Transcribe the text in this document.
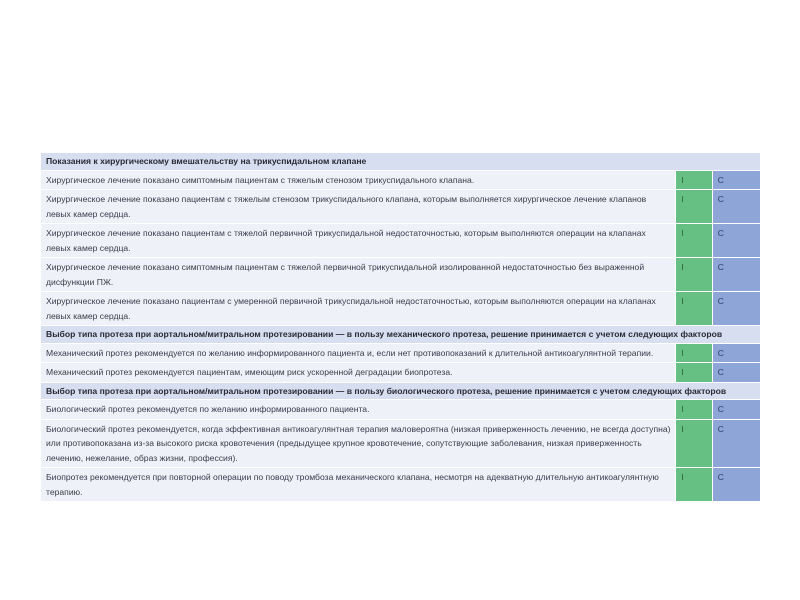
Показания к хирургическому вмешательству на трикуспидальном клапане		
Хирургическое лечение показано симптомным пациентам с тяжелым стенозом трикуспидального клапана.	I	C
Хирургическое лечение показано пациентам с тяжелым стенозом трикуспидального клапана, которым выполняется хирургическое лечение клапанов левых камер сердца.	I	C
Хирургическое лечение показано пациентам с тяжелой первичной трикуспидальной недостаточностью, которым выполняются операции на клапанах левых камер сердца.	I	C
Хирургическое лечение показано симптомным пациентам с тяжелой первичной трикуспидальной изолированной недостаточностью без выраженной дисфункции ПЖ.	I	C
Хирургическое лечение показано пациентам с умеренной первичной трикуспидальной недостаточностью, которым выполняются операции на клапанах левых камер сердца.	I	C
Выбор типа протеза при аортальном/митральном протезировании — в пользу механического протеза, решение принимается с учетом следующих факторов		
Механический протез рекомендуется по желанию информированного пациента и, если нет противопоказаний к длительной антикоагулянтной терапии.	I	C
Механический протез рекомендуется пациентам, имеющим риск ускоренной деградации биопротеза.	I	C
Выбор типа протеза при аортальном/митральном протезировании — в пользу биологического протеза, решение принимается с учетом следующих факторов		
Биологический протез рекомендуется по желанию информированного пациента.	I	C
Биологический протез рекомендуется, когда эффективная антикоагулянтная терапия маловероятна (низкая приверженность лечению, не всегда доступна) или противопоказана из-за высокого риска кровотечения (предыдущее крупное кровотечение, сопутствующие заболевания, низкая приверженность лечению, нежелание, образ жизни, профессия).	I	C
Биопротез рекомендуется при повторной операции по поводу тромбоза механического клапана, несмотря на адекватную длительную антикоагулянтную терапию.	I	C
